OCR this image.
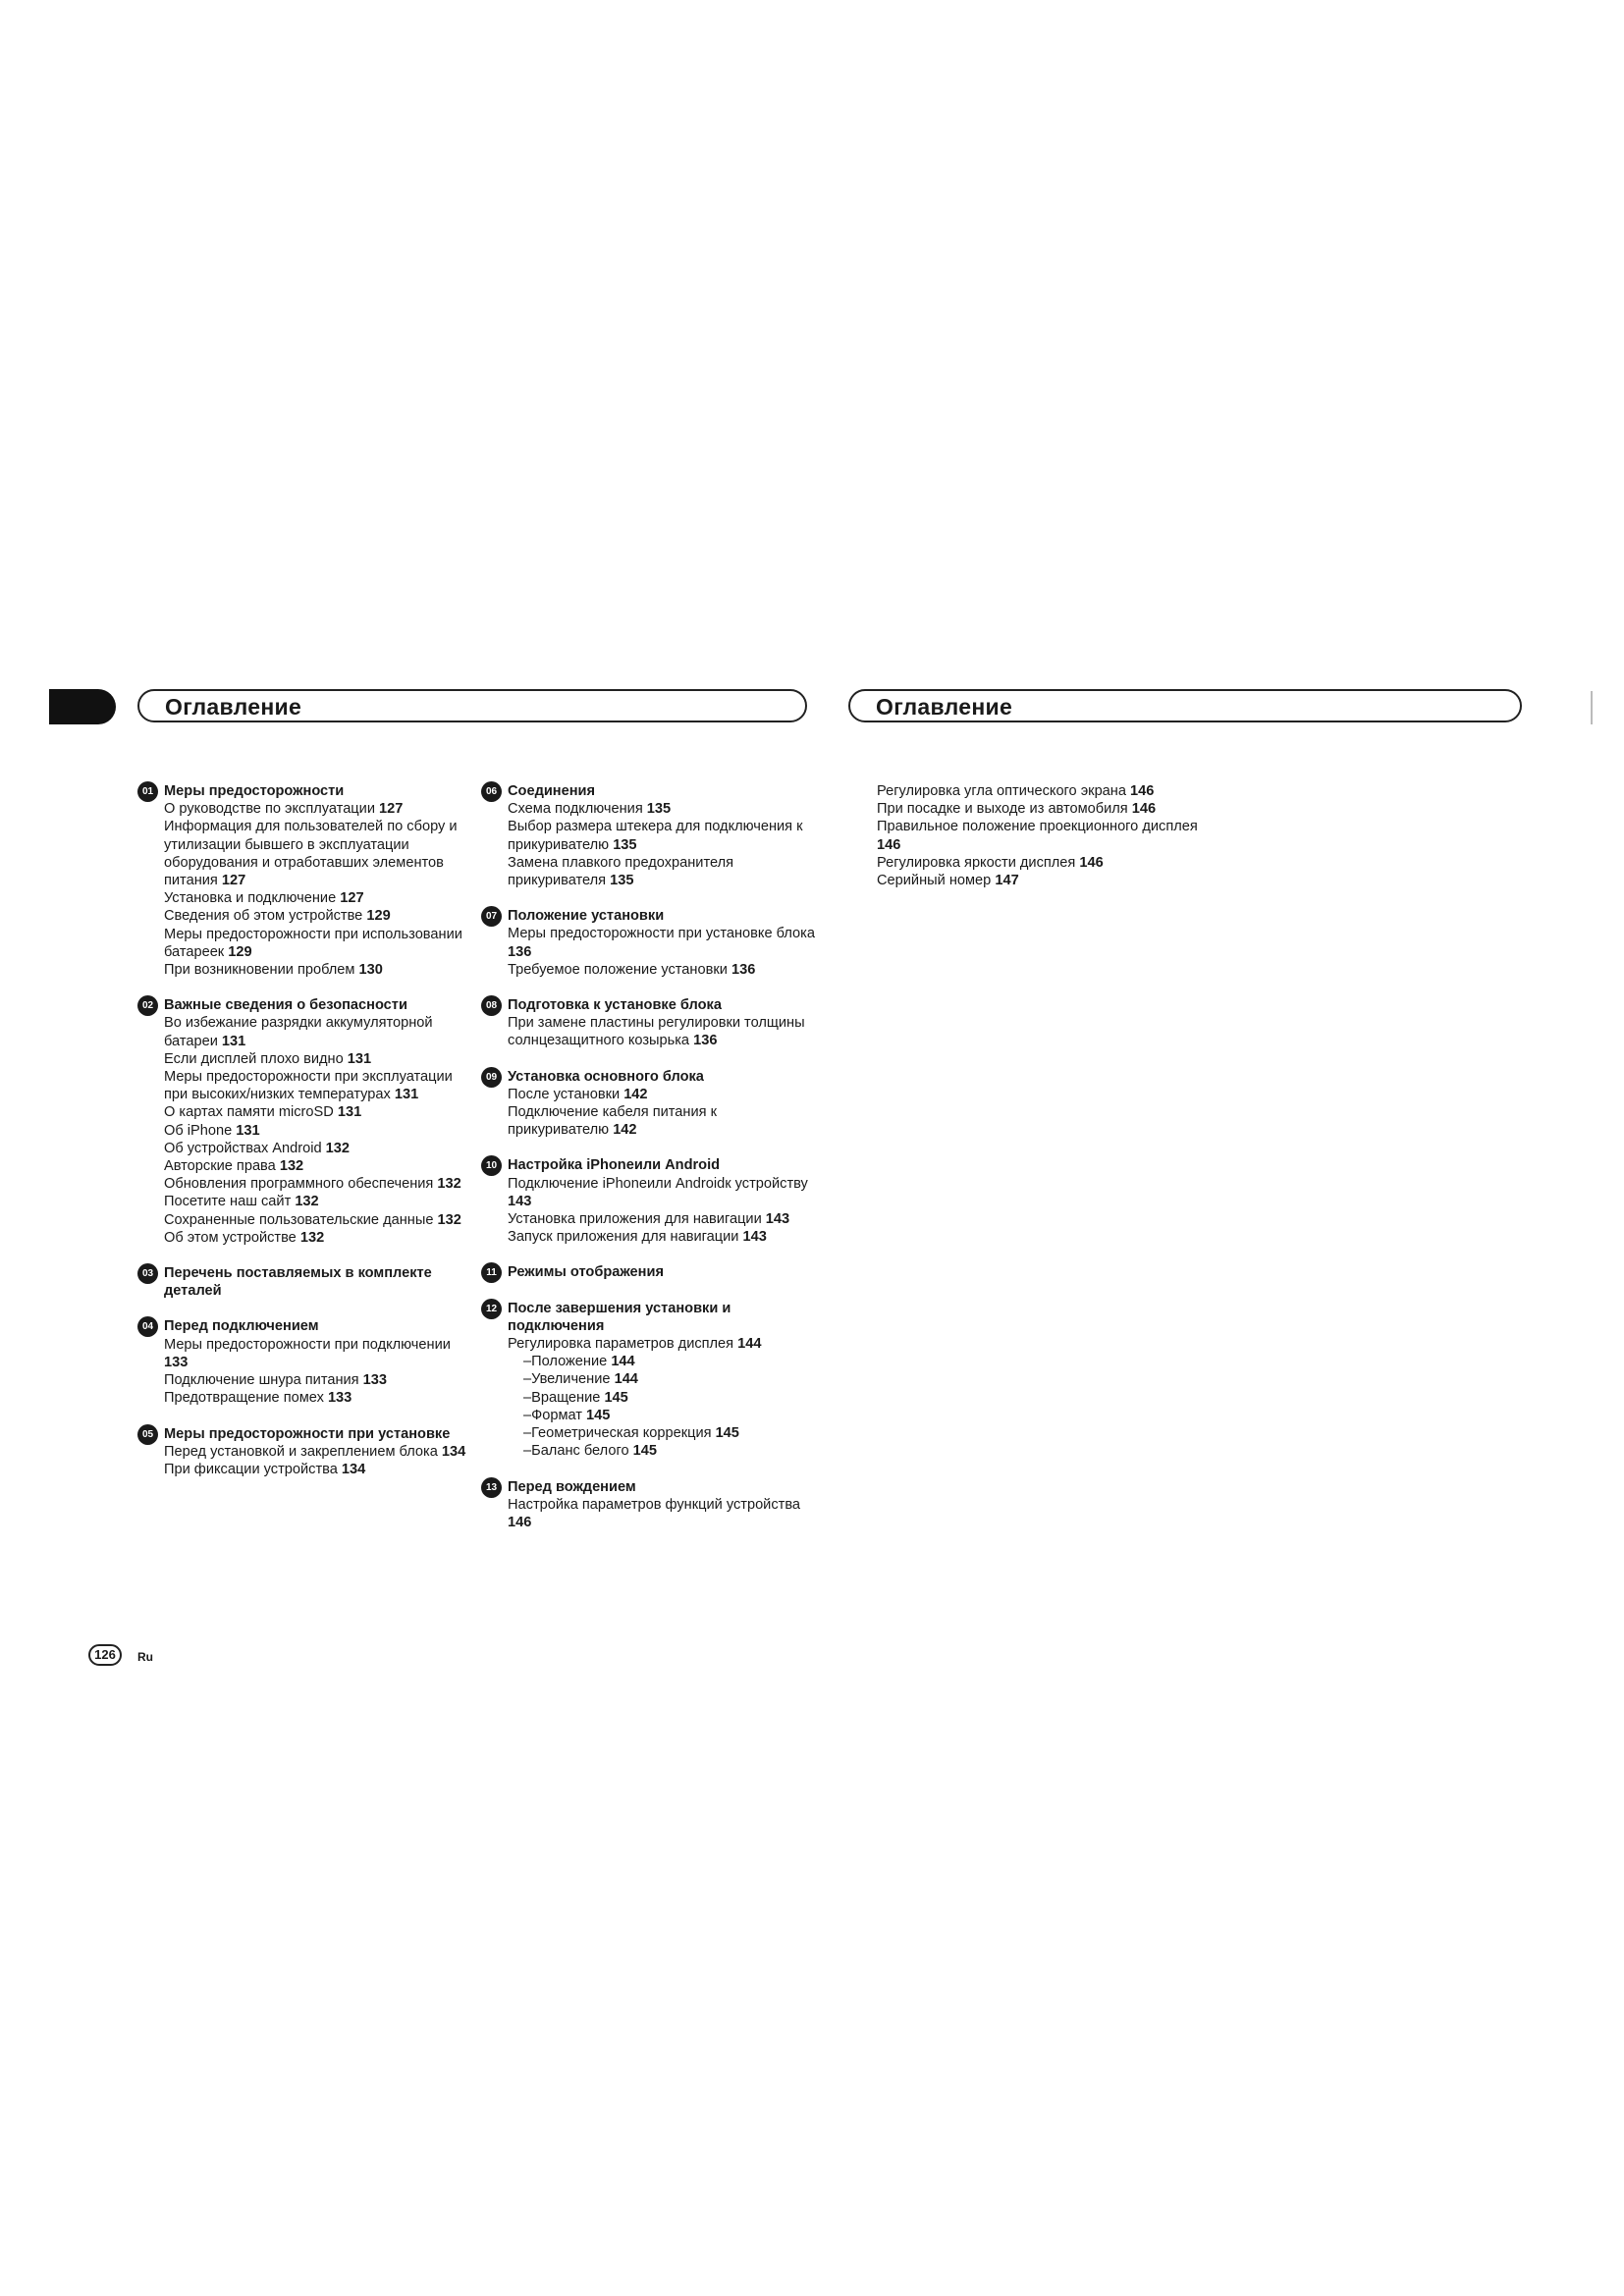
Оглавление	Оглавление
01 Меры предосторожности
О руководстве по эксплуатации 127
Информация для пользователей по сбору и утилизации бывшего в эксплуатации оборудования и отработавших элементов питания 127
Установка и подключение 127
Сведения об этом устройстве 129
Меры предосторожности при использовании батареек 129
При возникновении проблем 130
02 Важные сведения о безопасности
Во избежание разрядки аккумуляторной батареи 131
Если дисплей плохо видно 131
Меры предосторожности при эксплуатации при высоких/низких температурах 131
О картах памяти microSD 131
Об iPhone 131
Об устройствах Android 132
Авторские права 132
Обновления программного обеспечения 132
Посетите наш сайт 132
Сохраненные пользовательские данные 132
Об этом устройстве 132
03 Перечень поставляемых в комплекте деталей
04 Перед подключением
Меры предосторожности при подключении 133
Подключение шнура питания 133
Предотвращение помех 133
05 Меры предосторожности при установке
Перед установкой и закреплением блока 134
При фиксации устройства 134
06 Соединения
Схема подключения 135
Выбор размера штекера для подключения к прикуривателю 135
Замена плавкого предохранителя прикуривателя 135
07 Положение установки
Меры предосторожности при установке блока 136
Требуемое положение установки 136
08 Подготовка к установке блока
При замене пластины регулировки толщины солнцезащитного козырька 136
09 Установка основного блока
После установки 142
Подключение кабеля питания к прикуривателю 142
10 Настройка iPhoneили Android
Подключение iPhoneили Androidк устройству 143
Установка приложения для навигации 143
Запуск приложения для навигации 143
11 Режимы отображения
12 После завершения установки и подключения
Регулировка параметров дисплея 144
–Положение 144
–Увеличение 144
–Вращение 145
–Формат 145
–Геометрическая коррекция 145
–Баланс белого 145
13 Перед вождением
Настройка параметров функций устройства 146
Регулировка угла оптического экрана 146
При посадке и выходе из автомобиля 146
Правильное положение проекционного дисплея 146
Регулировка яркости дисплея 146
Серийный номер 147
126	Ru
